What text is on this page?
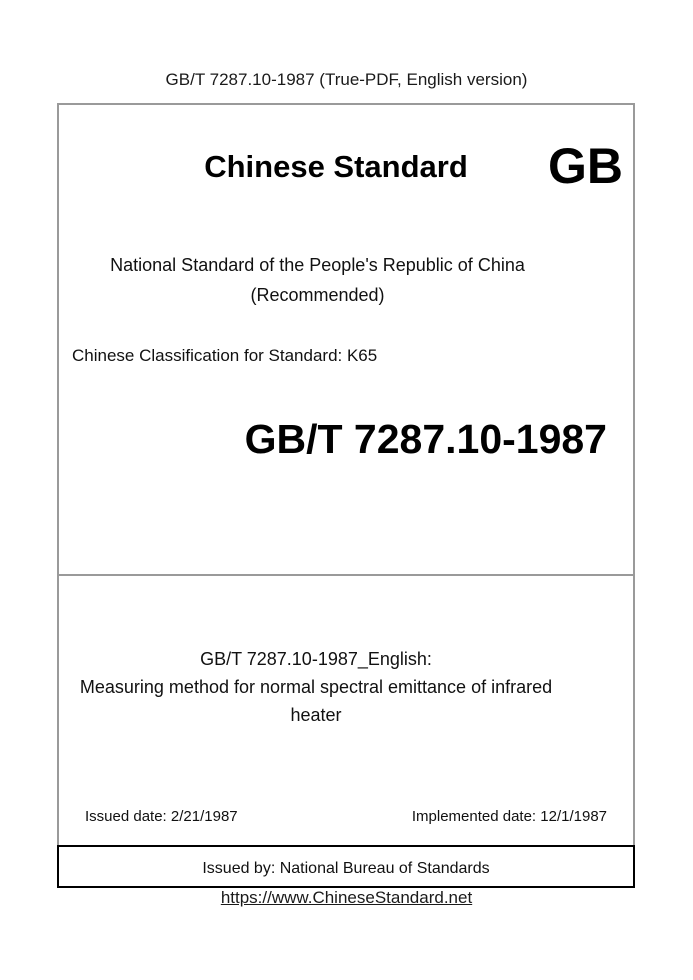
GB/T 7287.10-1987 (True-PDF, English version)
Chinese Standard	GB
National Standard of the People's Republic of China
(Recommended)
Chinese Classification for Standard: K65
GB/T 7287.10-1987
GB/T 7287.10-1987_English:
Measuring method for normal spectral emittance of infrared heater
Issued date: 2/21/1987	Implemented date: 12/1/1987
Issued by: National Bureau of Standards
https://www.ChineseStandard.net
